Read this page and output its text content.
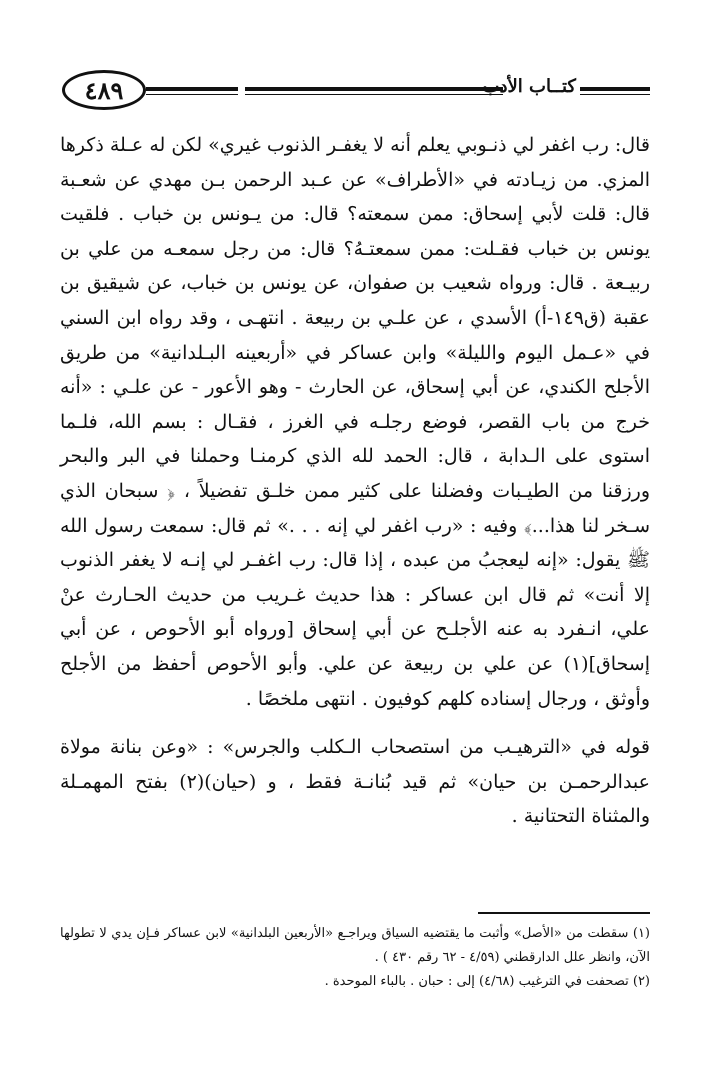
٤٨٩	كتــاب الأدب

قال: رب اغفر لي ذنـوبي يعلم أنه لا يغفـر الذنوب غيري» لكن له عـلة ذكرها المزي. من زيـادته في «الأطراف» عن عـبد الرحمن بـن مهدي عن شعـبة قال: قلت لأبي إسحاق: ممن سمعته؟ قال: من يـونس بن خباب . فلقيت يونس بن خباب فقـلت: ممن سمعتـهُ؟ قال: من رجل سمعـه من علي بن ربيـعة . قال: ورواه شعيب بن صفوان، عن يونس بن خباب، عن شيقيق بن عقبة (ق١٤٩-أ) الأسدي ، عن علـي بن ربيعة . انتهـى ، وقد رواه ابن السني في «عـمل اليوم والليلة» وابن عساكر في «أربعينه البـلدانية» من طريق الأجلح الكندي، عن أبي إسحاق، عن الحارث - وهو الأعور - عن علـي : «أنه خرج من باب القصر، فوضع رجلـه في الغرز ، فقـال : بسم الله، فلـما استوى على الـدابة ، قال: الحمد لله الذي كرمنـا وحملنا في البر والبحر ورزقنا من الطيـبات وفضلنا على كثير ممن خلـق تفضيلاً ، ﴿ سبحان الذي سـخر لنا هذا...﴾ وفيه : «رب اغفر لي إنه . . .» ثم قال: سمعت رسول الله ﷺ يقول: «إنه ليعجبُ من عبده ، إذا قال: رب اغفـر لي إنـه لا يغفر الذنوب إلا أنت» ثم قال ابن عساكر : هذا حديث غـريب من حديث الحـارث عنْ علي، انـفرد به عنه الأجلـح عن أبي إسحاق [ورواه أبو الأحوص ، عن أبي إسحاق](١) عن علي بن ربيعة عن علي. وأبو الأحوص أحفظ من الأجلح وأوثق ، ورجال إسناده كلهم كوفيون . انتهى ملخصًا .

قوله في «الترهيـب من استصحاب الـكلب والجرس» : «وعن بنانة مولاة عبدالرحمـن بن حيان» ثم قيد بُنانـة فقط ، و (حيان)(٢) بفتح المهمـلة والمثناة التحتانية .

(١) سقطت من «الأصل» وأثبت ما يقتضيه السياق ويراجـع «الأربعين البلدانية» لابن عساكر فـإن يدي لا تطولها الآن، وانظر علل الدارقطني (٤/٥٩ - ٦٢ رقم ٤٣٠ ) .

(٢) تصحفت في الترغيب (٤/٦٨) إلى : حبان . بالباء الموحدة .
